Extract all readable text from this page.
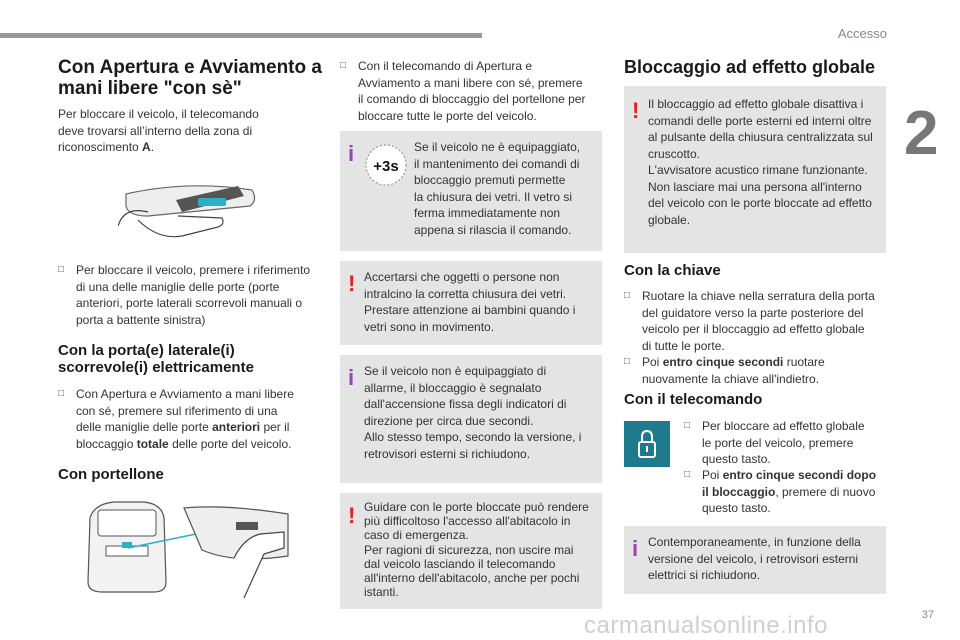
Accesso
2
Con Apertura e Avviamento a mani libere "con sè"
Per bloccare il veicolo, il telecomando
deve trovarsi all’interno della zona di
riconoscimento A.
□ Per bloccare il veicolo, premere i riferimento
di una delle maniglie delle porte (porte
anteriori, porte laterali scorrevoli manuali o
porta a battente sinistra)
Con la porta(e) laterale(i) scorrevole(i) elettricamente
□ Con Apertura e Avviamento a mani libere
con sé, premere sul riferimento di una
delle maniglie delle porte anteriori per il
bloccaggio totale delle porte del veicolo.
Con portellone
□ Con il telecomando di Apertura e
Avviamento a mani libere con sé, premere
il comando di bloccaggio del portellone per
bloccare tutte le porte del veicolo.
i
+3s
Se il veicolo ne è equipaggiato,
il mantenimento dei comandi di
bloccaggio premuti permette
la chiusura dei vetri. Il vetro si
ferma immediatamente non
appena si rilascia il comando.
! Accertarsi che oggetti o persone non
intralcino la corretta chiusura dei vetri.
Prestare attenzione ai bambini quando i
vetri sono in movimento.
i Se il veicolo non è equipaggiato di
allarme, il bloccaggio è segnalato
dall'accensione fissa degli indicatori di
direzione per circa due secondi.
Allo stesso tempo, secondo la versione, i
retrovisori esterni si richiudono.
! Guidare con le porte bloccate può rendere
più difficoltoso l'accesso all'abitacolo in
caso di emergenza.
Per ragioni di sicurezza, non uscire mai
dal veicolo lasciando il telecomando
all'interno dell'abitacolo, anche per pochi
istanti.
Bloccaggio ad effetto globale
! Il bloccaggio ad effetto globale disattiva i
comandi delle porte esterni ed interni oltre
al pulsante della chiusura centralizzata sul
cruscotto.
L'avvisatore acustico rimane funzionante.
Non lasciare mai una persona all'interno
del veicolo con le porte bloccate ad effetto
globale.
Con la chiave
□ Ruotare la chiave nella serratura della porta
del guidatore verso la parte posteriore del
veicolo per il bloccaggio ad effetto globale
di tutte le porte.
□ Poi entro cinque secondi ruotare
nuovamente la chiave all'indietro.
Con il telecomando
□ Per bloccare ad effetto globale
le porte del veicolo, premere
questo tasto.
□ Poi entro cinque secondi dopo
il bloccaggio, premere di nuovo
questo tasto.
i Contemporaneamente, in funzione della
versione del veicolo, i retrovisori esterni
elettrici si richiudono.
carmanualsonline.info	37
